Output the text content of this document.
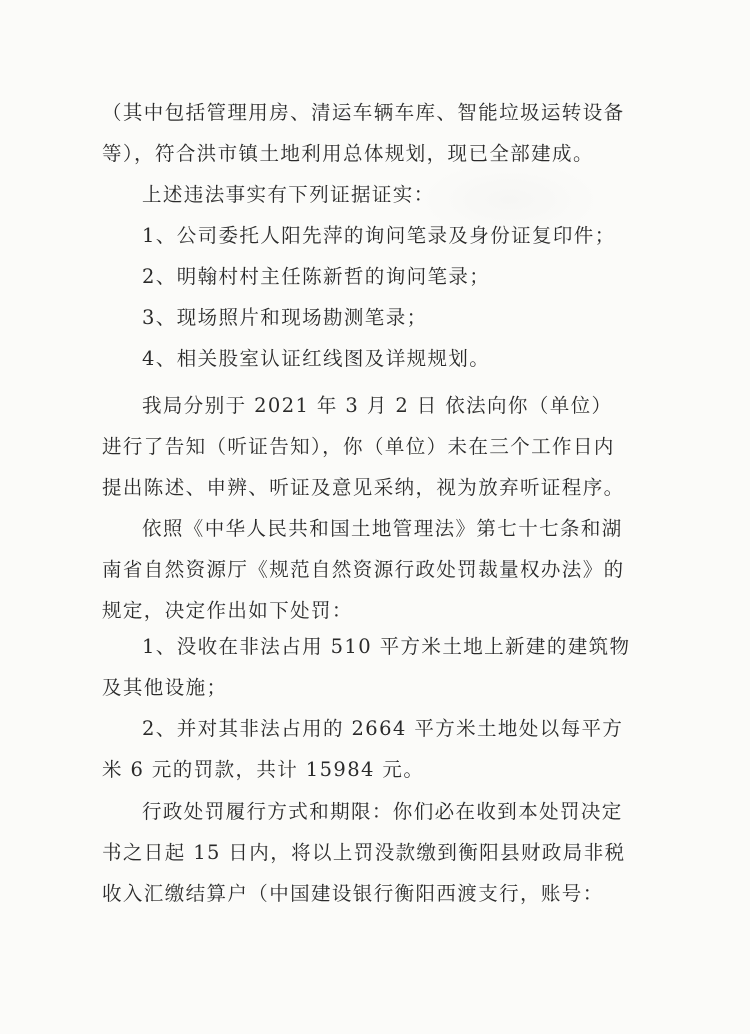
（其中包括管理用房、清运车辆车库、智能垃圾运转设备等），符合洪市镇土地利用总体规划，现已全部建成。

上述违法事实有下列证据证实：

1、公司委托人阳先萍的询问笔录及身份证复印件；

2、明翰村村主任陈新哲的询问笔录；

3、现场照片和现场勘测笔录；

4、相关股室认证红线图及详规规划。

我局分别于 2021 年 3 月 2 日 依法向你（单位）进行了告知（听证告知），你（单位）未在三个工作日内提出陈述、申辨、听证及意见采纳，视为放弃听证程序。

依照《中华人民共和国土地管理法》第七十七条和湖南省自然资源厅《规范自然资源行政处罚裁量权办法》的规定，决定作出如下处罚：

1、没收在非法占用 510 平方米土地上新建的建筑物及其他设施；

2、并对其非法占用的 2664 平方米土地处以每平方米 6 元的罚款，共计 15984 元。

行政处罚履行方式和期限：你们必在收到本处罚决定书之日起 15 日内，将以上罚没款缴到衡阳县财政局非税收入汇缴结算户（中国建设银行衡阳西渡支行，账号：
